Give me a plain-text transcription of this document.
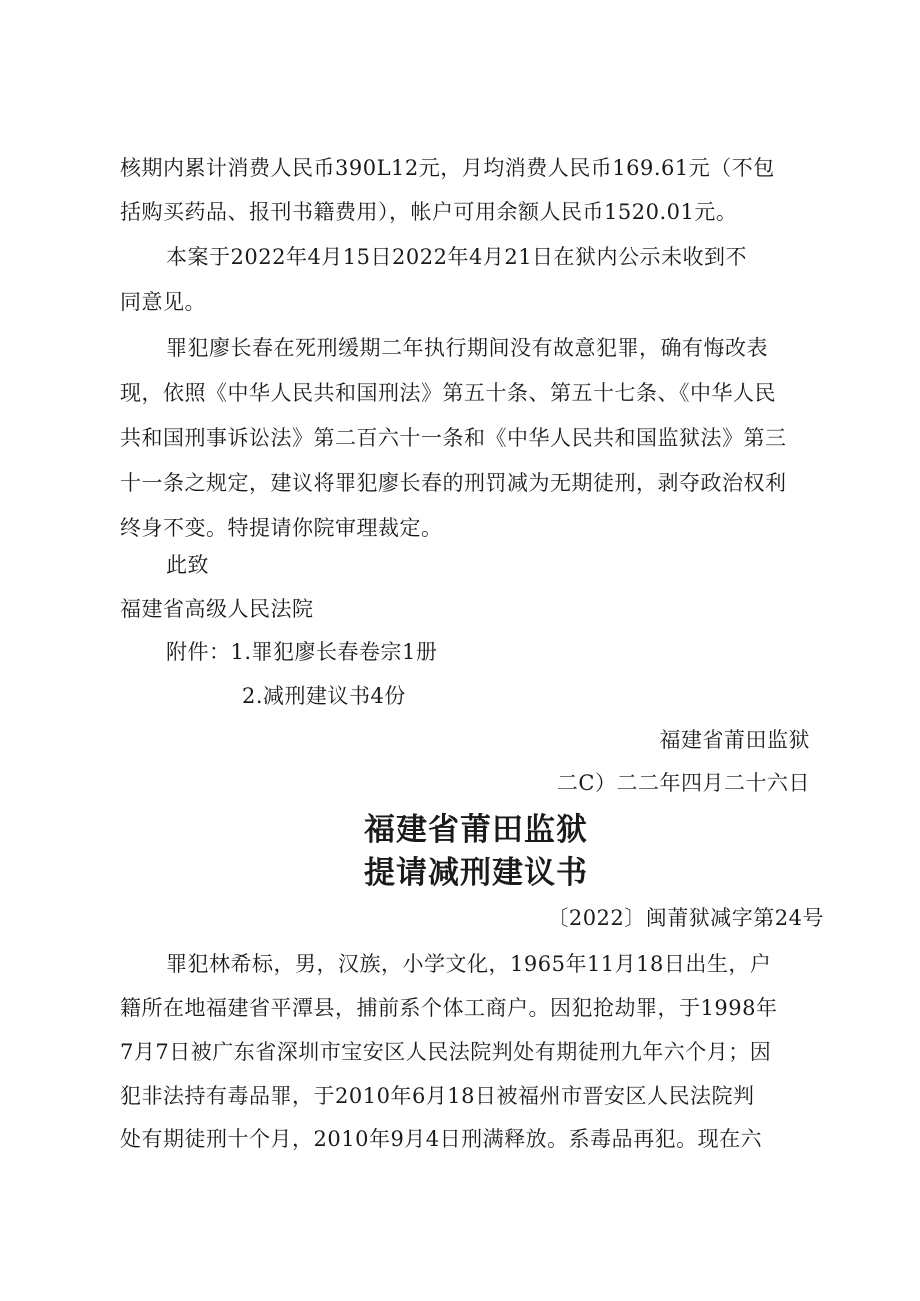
核期内累计消费人民币390L12元，月均消费人民币169.61元（不包
括购买药品、报刊书籍费用），帐户可用余额人民币1520.01元。
本案于2022年4月15日2022年4月21日在狱内公示未收到不
同意见。
罪犯廖长春在死刑缓期二年执行期间没有故意犯罪，确有悔改表
现，依照《中华人民共和国刑法》第五十条、第五十七条、《中华人民
共和国刑事诉讼法》第二百六十一条和《中华人民共和国监狱法》第三
十一条之规定，建议将罪犯廖长春的刑罚减为无期徒刑，剥夺政治权利
终身不变。特提请你院审理裁定。
此致
福建省高级人民法院
附件：1.罪犯廖长春卷宗1册
2.减刑建议书4份
福建省莆田监狱
二C）二二年四月二十六日
福建省莆田监狱
提请减刑建议书
〔2022〕闽莆狱减字第24号
罪犯林希标，男，汉族，小学文化，1965年11月18日出生，户
籍所在地福建省平潭县，捕前系个体工商户。因犯抢劫罪，于1998年
7月7日被广东省深圳市宝安区人民法院判处有期徒刑九年六个月；因
犯非法持有毒品罪，于2010年6月18日被福州市晋安区人民法院判
处有期徒刑十个月，2010年9月4日刑满释放。系毒品再犯。现在六
